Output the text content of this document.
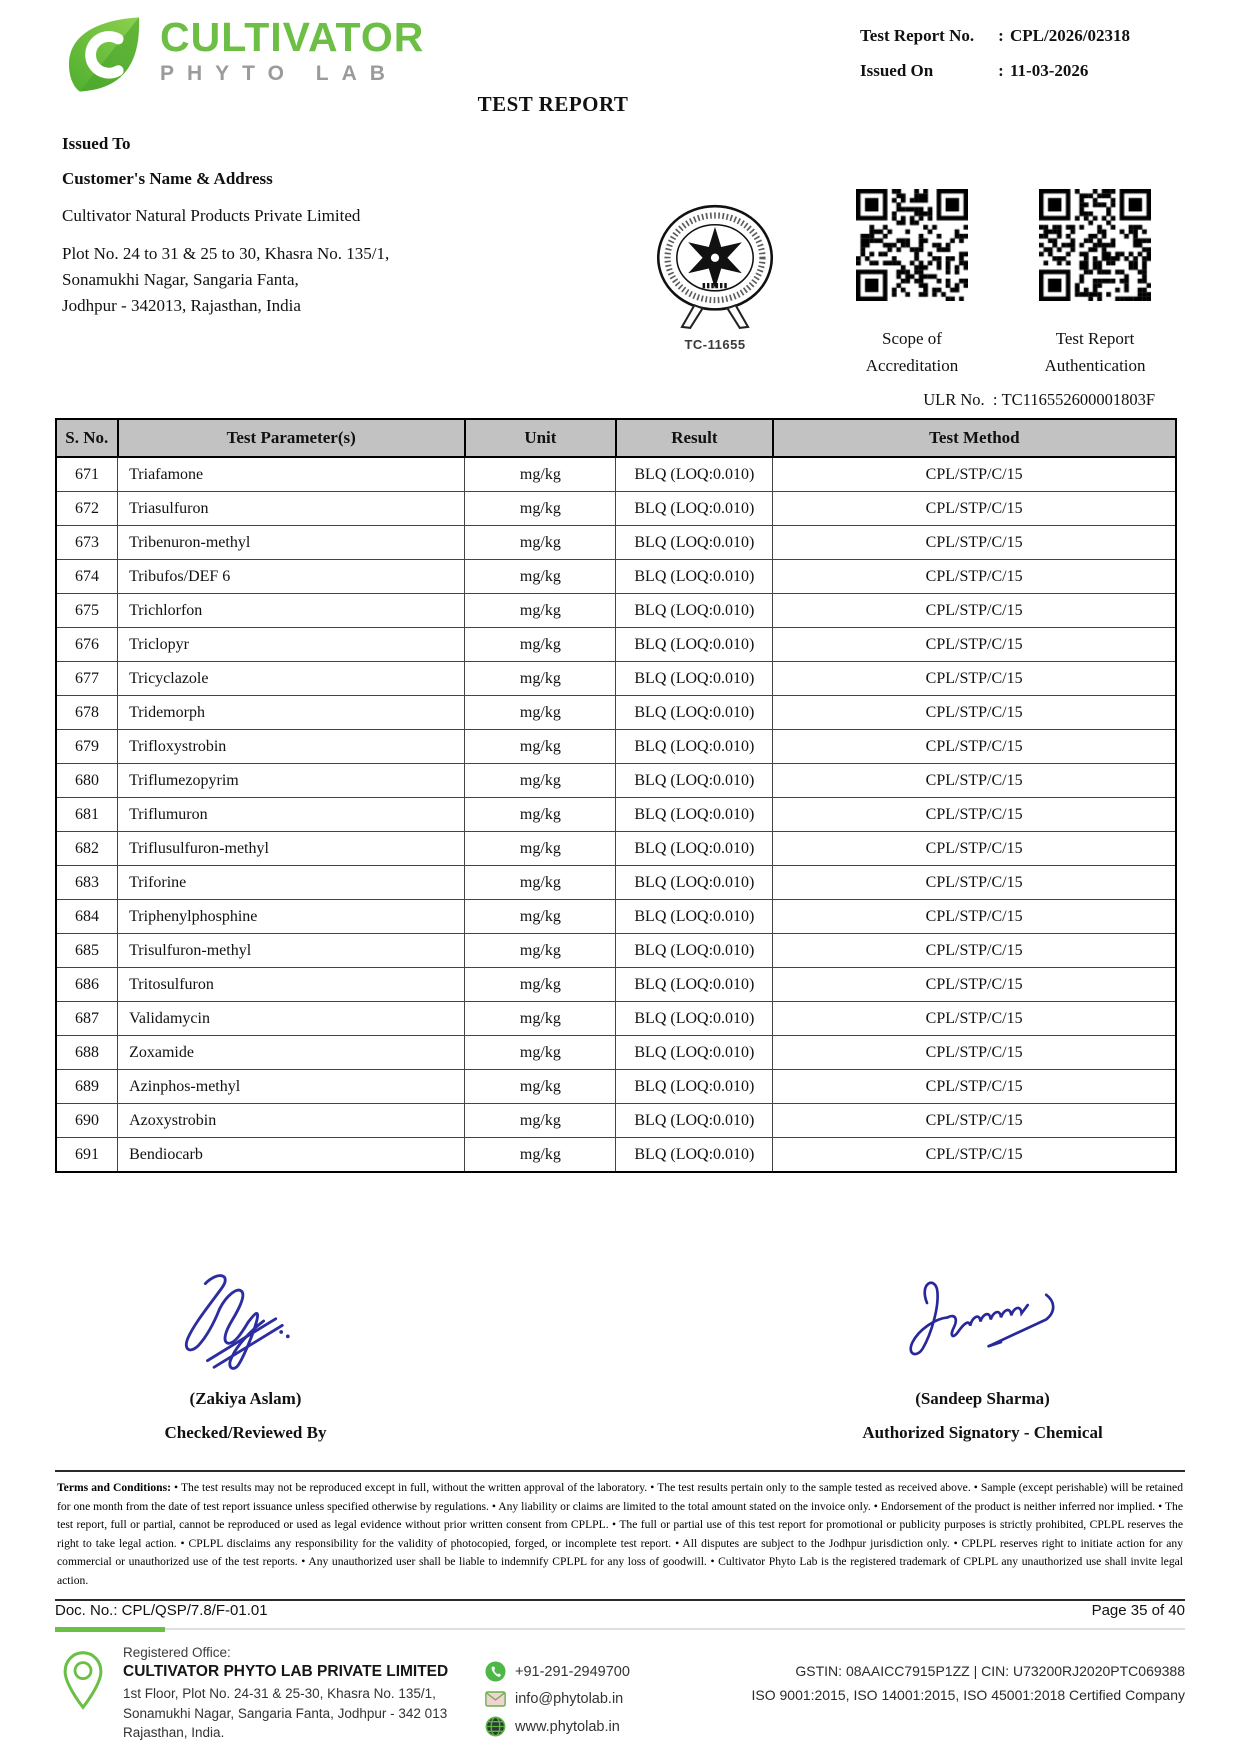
CULTIVATOR
PHYTO LAB
Test Report No.	: CPL/2026/02318
Issued On	: 11-03-2026
TEST REPORT
Issued To
Customer's Name & Address
Cultivator Natural Products Private Limited
Plot No. 24 to 31 & 25 to 30, Khasra No. 135/1,
Sonamukhi Nagar, Sangaria Fanta,
Jodhpur - 342013, Rajasthan, India
TC-11655	Scope of
Accreditation
Test Report
Authentication
ULR No. : TC116552600001803F
S. No.	Test Parameter(s)	Unit	Result	Test Method
671	Triafamone	mg/kg	BLQ (LOQ:0.010)	CPL/STP/C/15
672	Triasulfuron	mg/kg	BLQ (LOQ:0.010)	CPL/STP/C/15
673	Tribenuron-methyl	mg/kg	BLQ (LOQ:0.010)	CPL/STP/C/15
674	Tribufos/DEF 6	mg/kg	BLQ (LOQ:0.010)	CPL/STP/C/15
675	Trichlorfon	mg/kg	BLQ (LOQ:0.010)	CPL/STP/C/15
676	Triclopyr	mg/kg	BLQ (LOQ:0.010)	CPL/STP/C/15
677	Tricyclazole	mg/kg	BLQ (LOQ:0.010)	CPL/STP/C/15
678	Tridemorph	mg/kg	BLQ (LOQ:0.010)	CPL/STP/C/15
679	Trifloxystrobin	mg/kg	BLQ (LOQ:0.010)	CPL/STP/C/15
680	Triflumezopyrim	mg/kg	BLQ (LOQ:0.010)	CPL/STP/C/15
681	Triflumuron	mg/kg	BLQ (LOQ:0.010)	CPL/STP/C/15
682	Triflusulfuron-methyl	mg/kg	BLQ (LOQ:0.010)	CPL/STP/C/15
683	Triforine	mg/kg	BLQ (LOQ:0.010)	CPL/STP/C/15
684	Triphenylphosphine	mg/kg	BLQ (LOQ:0.010)	CPL/STP/C/15
685	Trisulfuron-methyl	mg/kg	BLQ (LOQ:0.010)	CPL/STP/C/15
686	Tritosulfuron	mg/kg	BLQ (LOQ:0.010)	CPL/STP/C/15
687	Validamycin	mg/kg	BLQ (LOQ:0.010)	CPL/STP/C/15
688	Zoxamide	mg/kg	BLQ (LOQ:0.010)	CPL/STP/C/15
689	Azinphos-methyl	mg/kg	BLQ (LOQ:0.010)	CPL/STP/C/15
690	Azoxystrobin	mg/kg	BLQ (LOQ:0.010)	CPL/STP/C/15
691	Bendiocarb	mg/kg	BLQ (LOQ:0.010)	CPL/STP/C/15
(Zakiya Aslam)
Checked/Reviewed By
(Sandeep Sharma)
Authorized Signatory - Chemical
Terms and Conditions: • The test results may not be reproduced except in full, without the written approval of the laboratory. • The test results pertain only to the sample tested as received above. • Sample (except perishable) will be retained for one month from the date of test report issuance unless specified otherwise by regulations. • Any liability or claims are limited to the total amount stated on the invoice only. • Endorsement of the product is neither inferred nor implied. • The test report, full or partial, cannot be reproduced or used as legal evidence without prior written consent from CPLPL. • The full or partial use of this test report for promotional or publicity purposes is strictly prohibited, CPLPL reserves the right to take legal action. • CPLPL disclaims any responsibility for the validity of photocopied, forged, or incomplete test report. • All disputes are subject to the Jodhpur jurisdiction only. • CPLPL reserves right to initiate action for any commercial or unauthorized use of the test reports. • Any unauthorized user shall be liable to indemnify CPLPL for any loss of goodwill. • Cultivator Phyto Lab is the registered trademark of CPLPL any unauthorized use shall invite legal action.
Doc. No.: CPL/QSP/7.8/F-01.01	Page 35 of 40
Registered Office:
CULTIVATOR PHYTO LAB PRIVATE LIMITED
1st Floor, Plot No. 24-31 & 25-30, Khasra No. 135/1,
Sonamukhi Nagar, Sangaria Fanta, Jodhpur - 342 013
Rajasthan, India.
+91-291-2949700
info@phytolab.in
www.phytolab.in
GSTIN: 08AAICC7915P1ZZ | CIN: U73200RJ2020PTC069388
ISO 9001:2015, ISO 14001:2015, ISO 45001:2018 Certified Company
